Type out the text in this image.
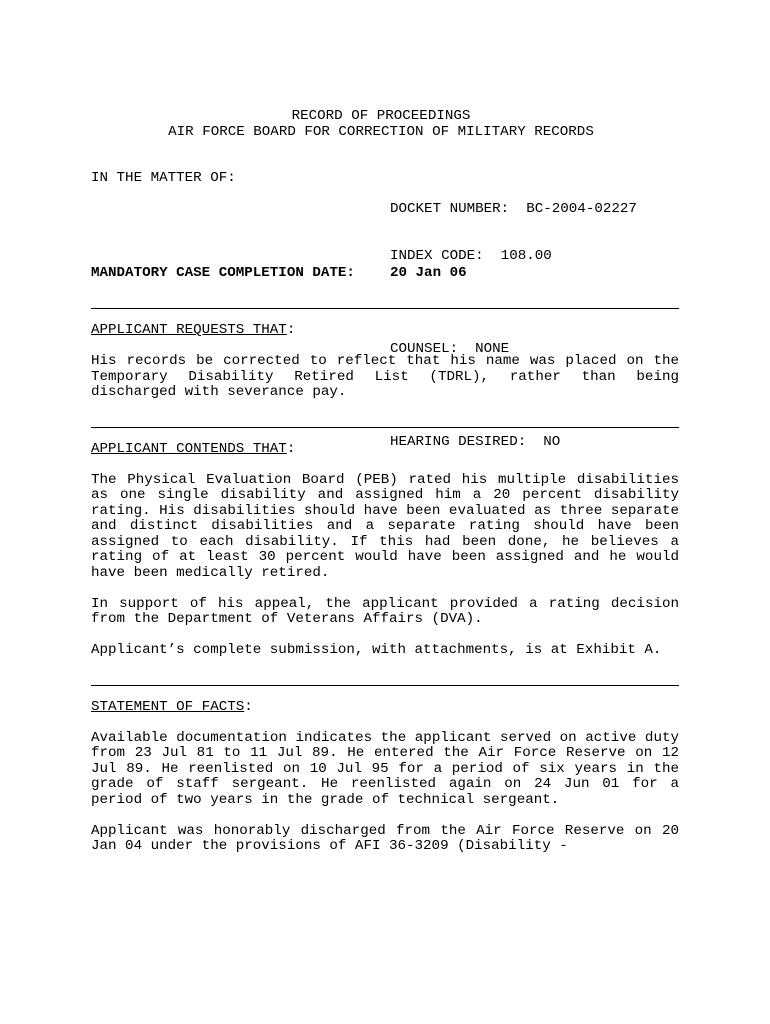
RECORD OF PROCEEDINGS
AIR FORCE BOARD FOR CORRECTION OF MILITARY RECORDS
IN THE MATTER OF:

DOCKET NUMBER:  BC-2004-02227

INDEX CODE:  108.00

COUNSEL:  NONE

HEARING DESIRED:  NO

MANDATORY CASE COMPLETION DATE: 20 Jan 06
APPLICANT REQUESTS THAT:

His records be corrected to reflect that his name was placed on the Temporary Disability Retired List (TDRL), rather than being discharged with severance pay.

APPLICANT CONTENDS THAT:

The Physical Evaluation Board (PEB) rated his multiple disabilities as one single disability and assigned him a 20 percent disability rating. His disabilities should have been evaluated as three separate and distinct disabilities and a separate rating should have been assigned to each disability. If this had been done, he believes a rating of at least 30 percent would have been assigned and he would have been medically retired.

In support of his appeal, the applicant provided a rating decision from the Department of Veterans Affairs (DVA).

Applicant’s complete submission, with attachments, is at Exhibit A.

STATEMENT OF FACTS:

Available documentation indicates the applicant served on active duty from 23 Jul 81 to 11 Jul 89. He entered the Air Force Reserve on 12 Jul 89. He reenlisted on 10 Jul 95 for a period of six years in the grade of staff sergeant. He reenlisted again on 24 Jun 01 for a period of two years in the grade of technical sergeant.

Applicant was honorably discharged from the Air Force Reserve on 20 Jan 04 under the provisions of AFI 36-3209 (Disability -
